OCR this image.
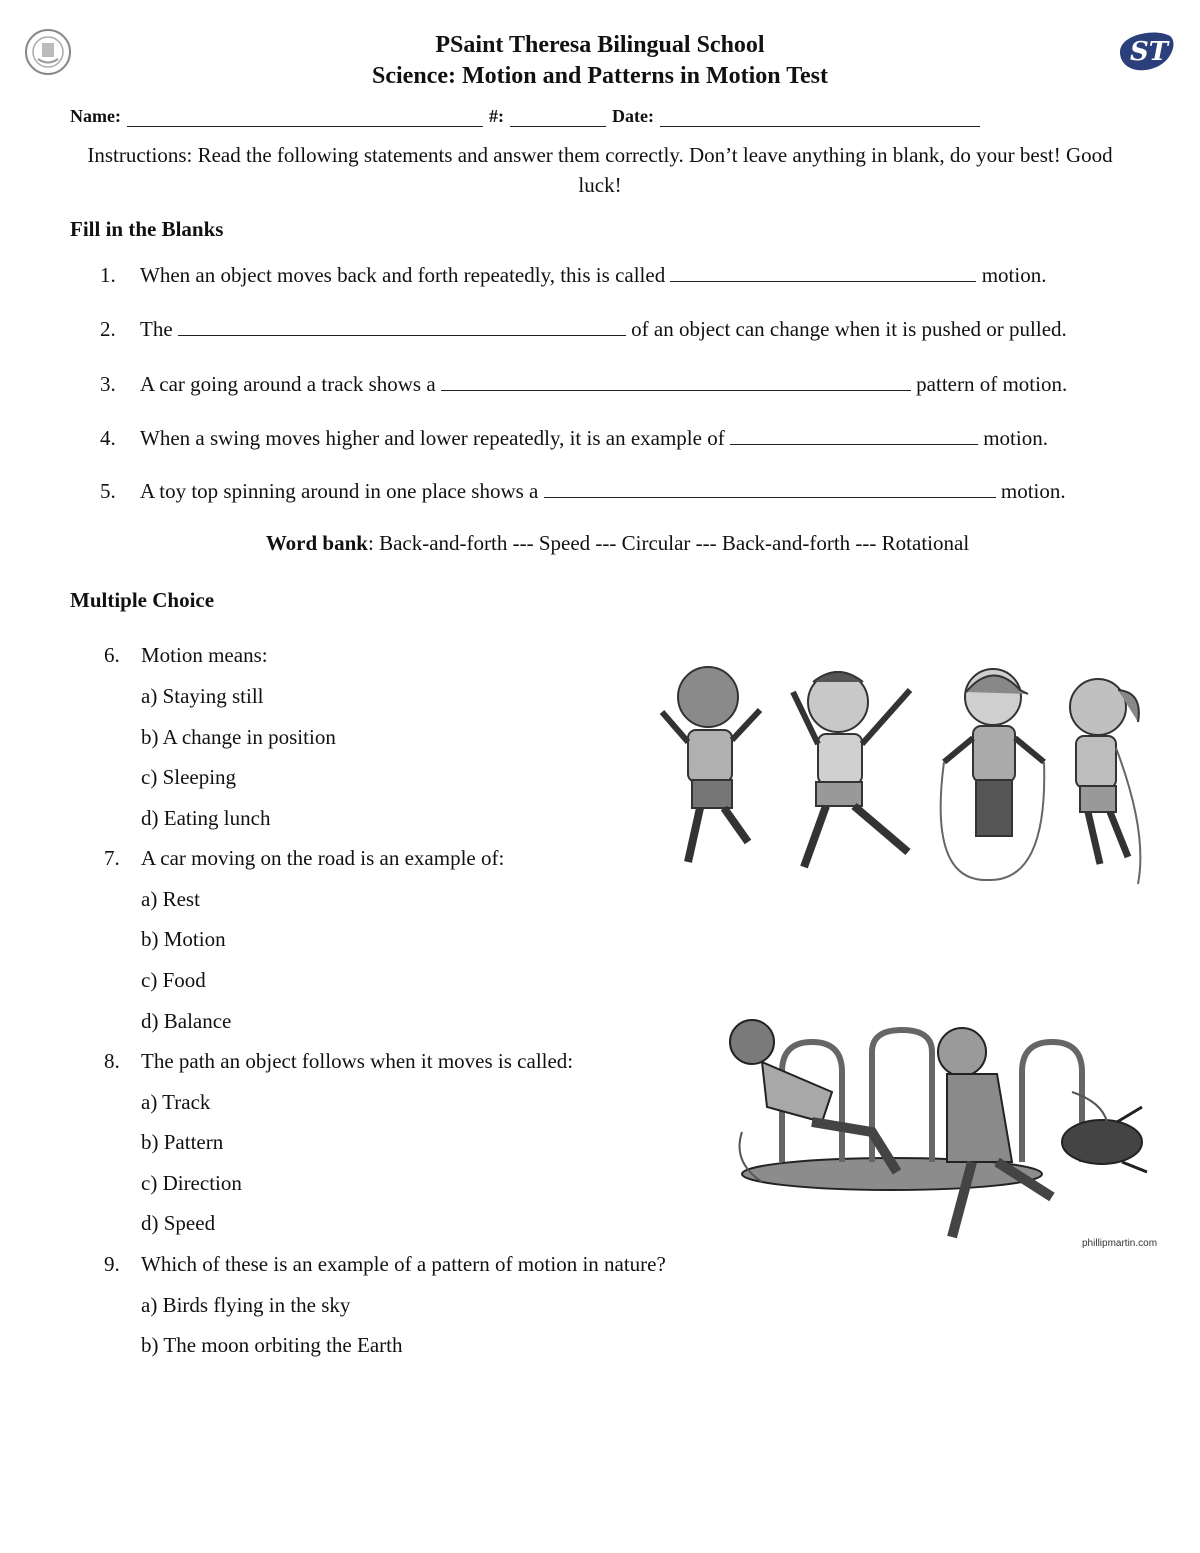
ST
PSaint Theresa Bilingual School
Science: Motion and Patterns in Motion Test
Name:	#:	Date:
Instructions: Read the following statements and answer them correctly. Don’t leave anything in blank, do your best! Good luck!
Fill in the Blanks
1. When an object moves back and forth repeatedly, this is called	motion.
2. The	of an object can change when it is pushed or pulled.
3. A car going around a track shows a	pattern of motion.
4. When a swing moves higher and lower repeatedly, it is an example of	motion.
5. A toy top spinning around in one place shows a	motion.
Word bank: Back-and-forth --- Speed --- Circular --- Back-and-forth --- Rotational
Multiple Choice
6. Motion means:
a) Staying still
b) A change in position
c) Sleeping
d) Eating lunch
7. A car moving on the road is an example of:
a) Rest
b) Motion
c) Food
d) Balance
8. The path an object follows when it moves is called:
a) Track
b) Pattern
c) Direction
d) Speed
9. Which of these is an example of a pattern of motion in nature?
a) Birds flying in the sky
b) The moon orbiting the Earth
phillipmartin.com
